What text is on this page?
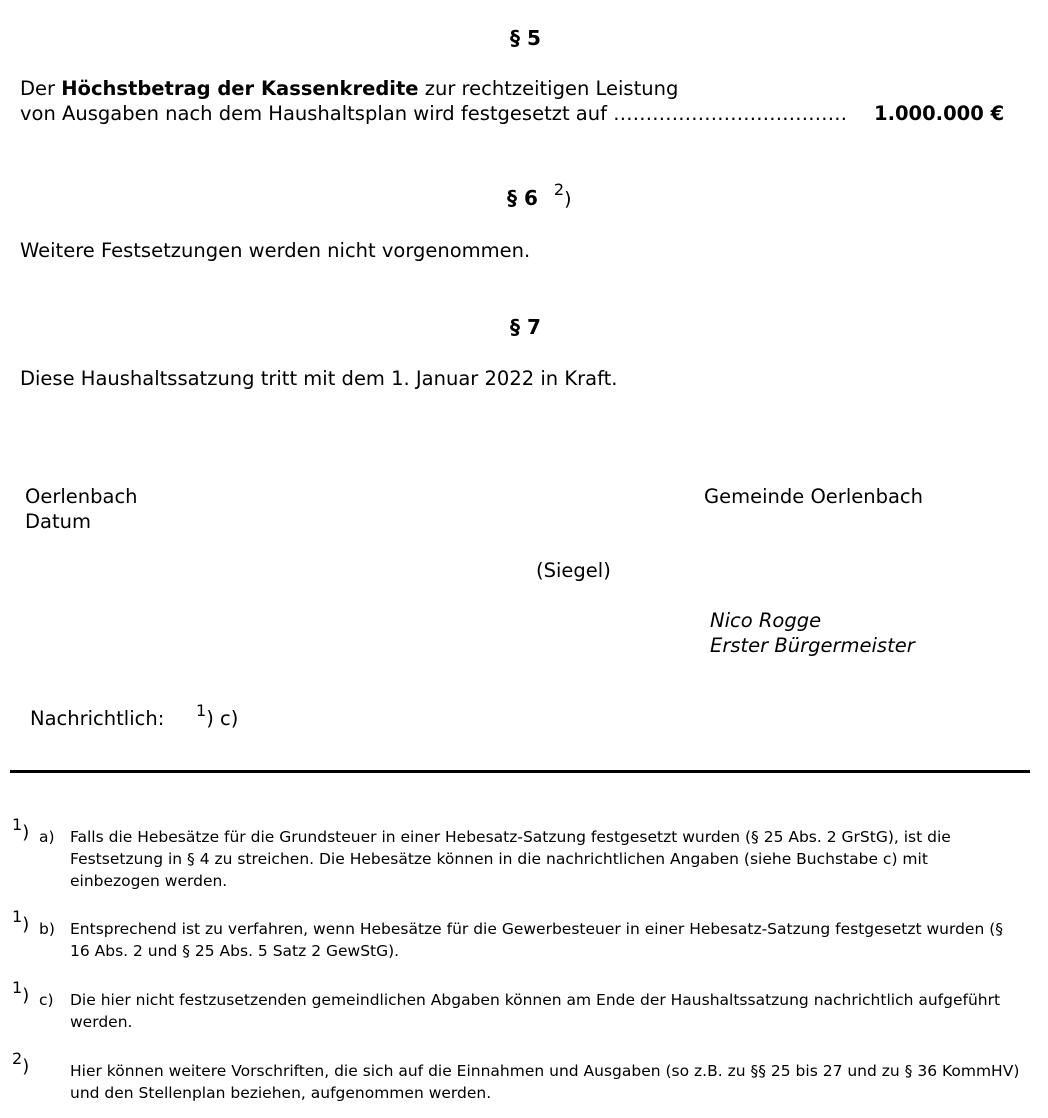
§ 5
Der Höchstbetrag der Kassenkredite zur rechtzeitigen Leistung
von Ausgaben nach dem Haushaltsplan wird festgesetzt auf ……………………………… 1.000.000 €
§ 6 $^2$)
Weitere Festsetzungen werden nicht vorgenommen.
§ 7
Diese Haushaltssatzung tritt mit dem 1. Januar 2022 in Kraft.
Oerlenbach
Datum
Gemeinde Oerlenbach
(Siegel)
Nico Rogge
Erster Bürgermeister
Nachrichtlich: $^1$) c)
1) a) Falls die Hebesätze für die Grundsteuer in einer Hebesatz-Satzung festgesetzt wurden (§ 25 Abs. 2 GrStG), ist die Festsetzung in § 4 zu streichen. Die Hebesätze können in die nachrichtlichen Angaben (siehe Buchstabe c) mit einbezogen werden.
1) b) Entsprechend ist zu verfahren, wenn Hebesätze für die Gewerbesteuer in einer Hebesatz-Satzung festgesetzt wurden (§ 16 Abs. 2 und § 25 Abs. 5 Satz 2 GewStG).
1) c) Die hier nicht festzusetzenden gemeindlichen Abgaben können am Ende der Haushaltssatzung nachrichtlich aufgeführt werden.
2)	Hier können weitere Vorschriften, die sich auf die Einnahmen und Ausgaben (so z.B. zu §§ 25 bis 27 und zu § 36 KommHV) und den Stellenplan beziehen, aufgenommen werden.
